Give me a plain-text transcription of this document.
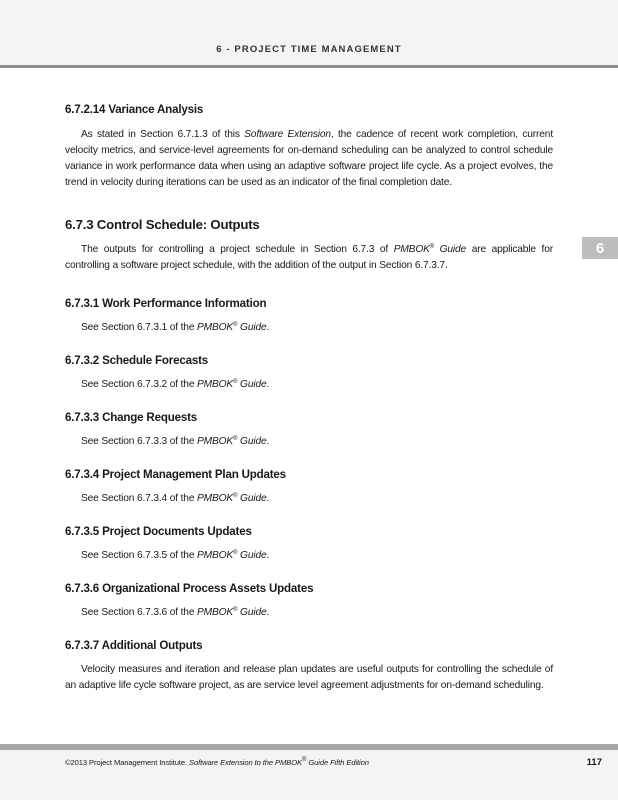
6 - PROJECT TIME MANAGEMENT
6
6.7.2.14 Variance Analysis

As stated in Section 6.7.1.3 of this Software Extension, the cadence of recent work completion, current velocity metrics, and service-level agreements for on-demand scheduling can be analyzed to control schedule variance in work performance data when using an adaptive software project life cycle. As a project evolves, the trend in velocity during iterations can be used as an indicator of the final completion date.

6.7.3 Control Schedule: Outputs

The outputs for controlling a project schedule in Section 6.7.3 of PMBOK® Guide are applicable for controlling a software project schedule, with the addition of the output in Section 6.7.3.7.

6.7.3.1 Work Performance Information
See Section 6.7.3.1 of the PMBOK® Guide.
6.7.3.2 Schedule Forecasts
See Section 6.7.3.2 of the PMBOK® Guide.
6.7.3.3 Change Requests
See Section 6.7.3.3 of the PMBOK® Guide.
6.7.3.4 Project Management Plan Updates
See Section 6.7.3.4 of the PMBOK® Guide.
6.7.3.5 Project Documents Updates
See Section 6.7.3.5 of the PMBOK® Guide.
6.7.3.6 Organizational Process Assets Updates
See Section 6.7.3.6 of the PMBOK® Guide.
6.7.3.7 Additional Outputs

Velocity measures and iteration and release plan updates are useful outputs for controlling the schedule of an adaptive life cycle software project, as are service level agreement adjustments for on-demand scheduling.

©2013 Project Management Institute. Software Extension to the PMBOK® Guide Fifth Edition	117
